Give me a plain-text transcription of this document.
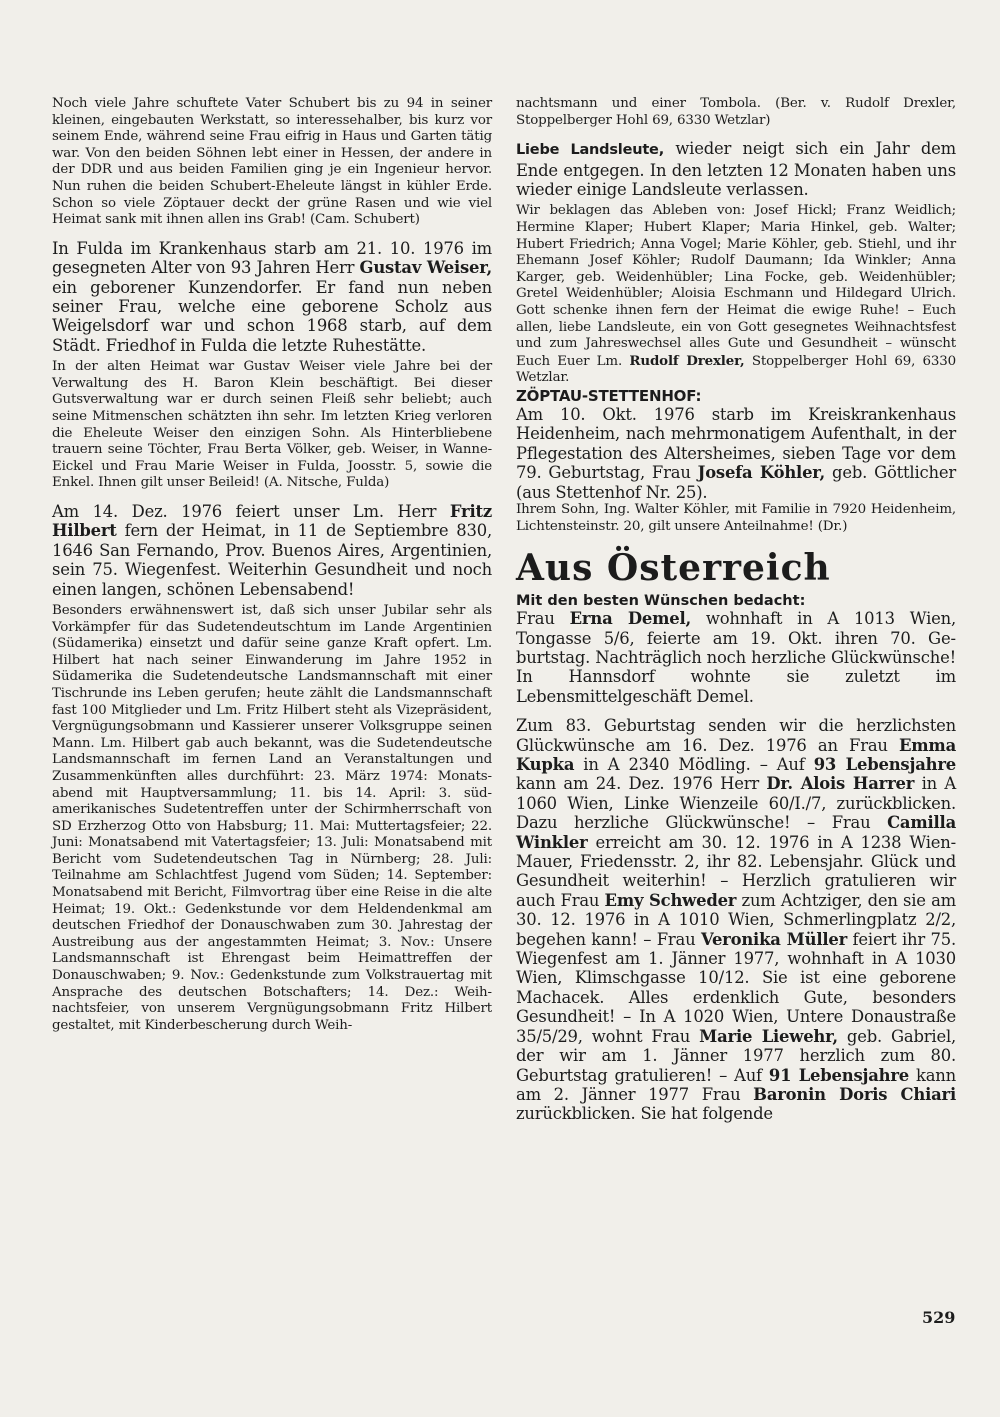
Noch viele Jahre schuftete Vater Schubert bis zu 94 in seiner kleinen, eingebauten Werkstatt, so interessehalber, bis kurz vor seinem Ende, während seine Frau eifrig in Haus und Garten tätig war. Von den beiden Söhnen lebt einer in Hessen, der andere in der DDR und aus beiden Familien ging je ein Ingenieur hervor. Nun ruhen die beiden Schubert-Eheleute längst in kühler Erde. Schon so viele Zöptauer deckt der grüne Rasen und wie viel Heimat sank mit ihnen allen ins Grab! (Cam. Schubert)

In Fulda im Krankenhaus starb am 21. 10. 1976 im gesegneten Alter von 93 Jahren Herr Gustav Weiser, ein geborener Kunzendorfer. Er fand nun neben seiner Frau, welche eine geborene Scholz aus Weigelsdorf war und schon 1968 starb, auf dem Städt. Friedhof in Fulda die letzte Ruhestätte.

In der alten Heimat war Gustav Weiser viele Jahre bei der Verwaltung des H. Baron Klein beschäftigt. Bei dieser Gutsverwaltung war er durch seinen Fleiß sehr beliebt; auch seine Mitmenschen schätzten ihn sehr. Im letzten Krieg verloren die Eheleute Weiser den einzigen Sohn. Als Hinterbliebene trauern seine Töchter, Frau Berta Völker, geb. Weiser, in Wanne-Eickel und Frau Marie Weiser in Fulda, Joosstr. 5, sowie die Enkel. Ihnen gilt unser Beileid! (A. Nitsche, Fulda)

Am 14. Dez. 1976 feiert unser Lm. Herr Fritz Hilbert fern der Heimat, in 11 de Septiembre 830, 1646 San Fernando, Prov. Buenos Aires, Argentinien, sein 75. Wiegenfest. Weiterhin Gesundheit und noch einen langen, schönen Lebensabend!

Besonders erwähnenswert ist, daß sich unser Jubilar sehr als Vorkämpfer für das Sudetendeutschtum im Lande Argentinien (Südamerika) einsetzt und dafür seine ganze Kraft opfert. Lm. Hilbert hat nach seiner Einwanderung im Jahre 1952 in Südamerika die Sudetendeutsche Landsmannschaft mit einer Tischrunde ins Leben gerufen; heute zählt die Landsmannschaft fast 100 Mitglieder und Lm. Fritz Hilbert steht als Vizepräsident, Vergnügungsobmann und Kassierer unserer Volksgruppe seinen Mann. Lm. Hilbert gab auch bekannt, was die Sudetendeutsche Landsmannschaft im fernen Land an Veranstaltungen und Zusammenkünften alles durchführt: 23. März 1974: Monatsabend mit Hauptversammlung; 11. bis 14. April: 3. südamerikanisches Sudetentreffen unter der Schirmherrschaft von SD Erzherzog Otto von Habsburg; 11. Mai: Muttertagsfeier; 22. Juni: Monatsabend mit Vatertagsfeier; 13. Juli: Monatsabend mit Bericht vom Sudetendeutschen Tag in Nürnberg; 28. Juli: Teilnahme am Schlachtfest Jugend vom Süden; 14. September: Monatsabend mit Bericht, Filmvortrag über eine Reise in die alte Heimat; 19. Okt.: Gedenkstunde vor dem Heldendenkmal am deutschen Friedhof der Donauschwaben zum 30. Jahrestag der Austreibung aus der angestammten Heimat; 3. Nov.: Unsere Landsmannschaft ist Ehrengast beim Heimattreffen der Donauschwaben; 9. Nov.: Gedenkstunde zum Volkstrauertag mit Ansprache des deutschen Botschafters; 14. Dez.: Weihnachtsfeier, von unserem Vergnügungsobmann Fritz Hilbert gestaltet, mit Kinderbescherung durch Weih-

nachtsmann und einer Tombola. (Ber. v. Rudolf Drexler, Stoppelberger Hohl 69, 6330 Wetzlar)

Liebe Landsleute, wieder neigt sich ein Jahr dem Ende entgegen. In den letzten 12 Monaten haben uns wieder einige Landsleute verlassen.

Wir beklagen das Ableben von: Josef Hickl; Franz Weidlich; Hermine Klaper; Hubert Klaper; Maria Hinkel, geb. Walter; Hubert Friedrich; Anna Vogel; Marie Köhler, geb. Stiehl, und ihr Ehemann Josef Köhler; Rudolf Daumann; Ida Winkler; Anna Karger, geb. Weidenhübler; Lina Focke, geb. Weidenhübler; Gretel Weidenhübler; Aloisia Eschmann und Hildegard Ulrich. Gott schenke ihnen fern der Heimat die ewige Ruhe! – Euch allen, liebe Landsleute, ein von Gott gesegnetes Weihnachtsfest und zum Jahreswechsel alles Gute und Gesundheit – wünscht Euch Euer Lm. Rudolf Drexler, Stoppelberger Hohl 69, 6330 Wetzlar.

ZÖPTAU-STETTENHOF:

Am 10. Okt. 1976 starb im Kreiskrankenhaus Heidenheim, nach mehrmonatigem Aufenthalt, in der Pflegestation des Altersheimes, sieben Tage vor dem 79. Geburtstag, Frau Josefa Köhler, geb. Göttlicher (aus Stettenhof Nr. 25).

Ihrem Sohn, Ing. Walter Köhler, mit Familie in 7920 Heidenheim, Lichtensteinstr. 20, gilt unsere Anteilnahme! (Dr.)

Aus Österreich

Mit den besten Wünschen bedacht:

Frau Erna Demel, wohnhaft in A 1013 Wien, Tongasse 5/6, feierte am 19. Okt. ihren 70. Geburtstag. Nachträglich noch herzliche Glückwünsche! In Hannsdorf wohnte sie zuletzt im Lebensmittelgeschäft Demel.

Zum 83. Geburtstag senden wir die herzlichsten Glückwünsche am 16. Dez. 1976 an Frau Emma Kupka in A 2340 Mödling. – Auf 93 Lebensjahre kann am 24. Dez. 1976 Herr Dr. Alois Harrer in A 1060 Wien, Linke Wienzeile 60/I./7, zurückblicken. Dazu herzliche Glückwünsche! – Frau Camilla Winkler erreicht am 30. 12. 1976 in A 1238 Wien-Mauer, Friedensstr. 2, ihr 82. Lebensjahr. Glück und Gesundheit weiterhin! – Herzlich gratulieren wir auch Frau Emy Schweder zum Achtziger, den sie am 30. 12. 1976 in A 1010 Wien, Schmerlingplatz 2/2, begehen kann! – Frau Veronika Müller feiert ihr 75. Wiegenfest am 1. Jänner 1977, wohnhaft in A 1030 Wien, Klimschgasse 10/12. Sie ist eine geborene Machacek. Alles erdenklich Gute, besonders Gesundheit! – In A 1020 Wien, Untere Donaustraße 35/5/29, wohnt Frau Marie Liewehr, geb. Gabriel, der wir am 1. Jänner 1977 herzlich zum 80. Geburtstag gratulieren! – Auf 91 Lebensjahre kann am 2. Jänner 1977 Frau Baronin Doris Chiari zurückblicken. Sie hat folgende

529
